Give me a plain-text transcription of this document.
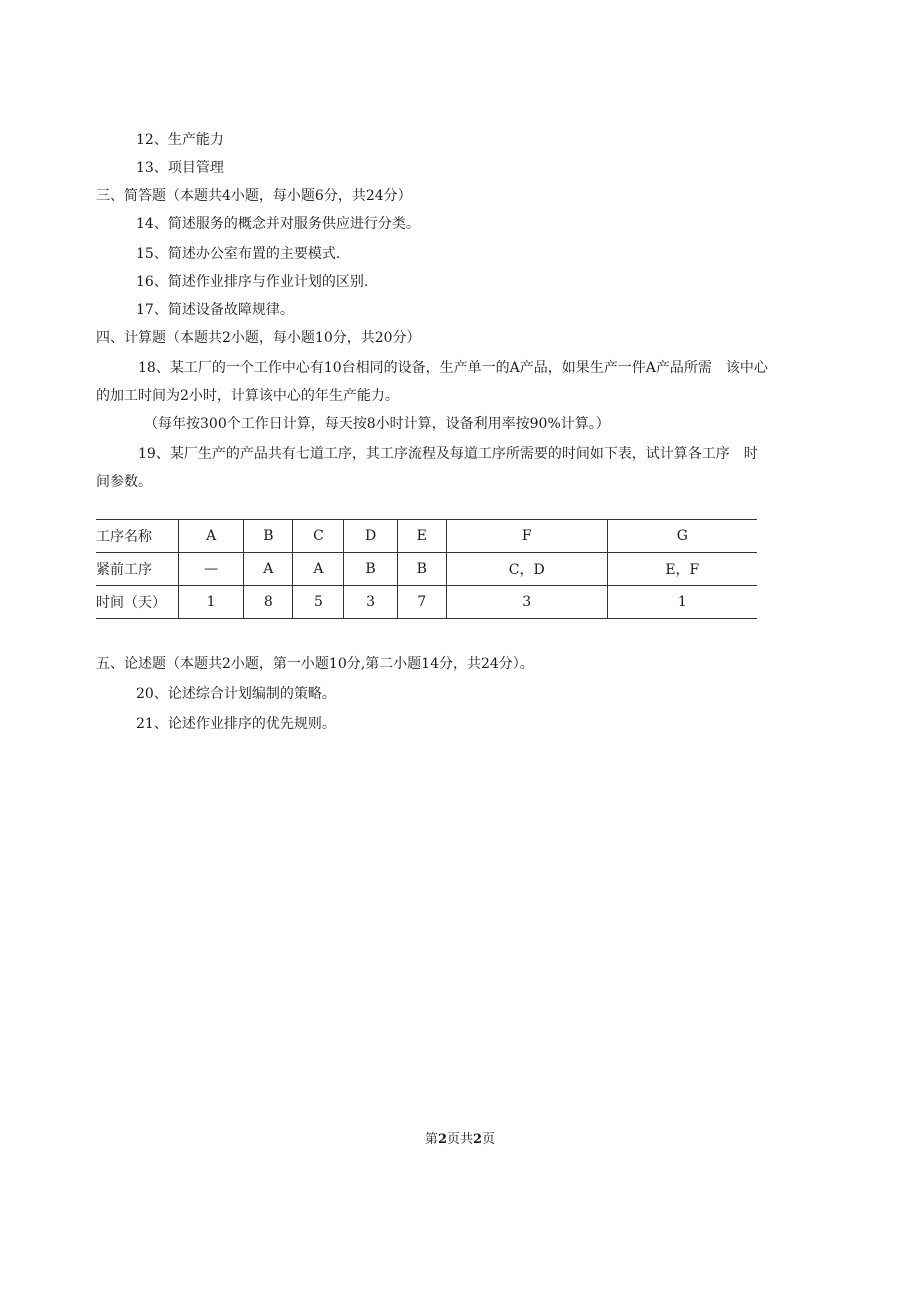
12、生产能力
13、项目管理
三、简答题（本题共4小题，每小题6分，共24分）
14、简述服务的概念并对服务供应进行分类。
15、简述办公室布置的主要模式.
16、简述作业排序与作业计划的区别.
17、简述设备故障规律。
四、计算题（本题共2小题，每小题10分，共20分）
18、某工厂的一个工作中心有10台相同的设备，生产单一的A产品，如果生产一件A产品所需　该中心
的加工时间为2小时，计算该中心的年生产能力。
（每年按300个工作日计算，每天按8小时计算，设备利用率按90%计算。）
19、某厂生产的产品共有七道工序，其工序流程及每道工序所需要的时间如下表，试计算各工序　时
间参数。
工序名称	A	B	C	D	E	F	G
紧前工序	—	A	A	B	B	C，D	E，F
时间（天）	1	8	5	3	7	3	1
五、论述题（本题共2小题，第一小题10分,第二小题14分，共24分）。
20、论述综合计划编制的策略。
21、论述作业排序的优先规则。
第2页共2页
